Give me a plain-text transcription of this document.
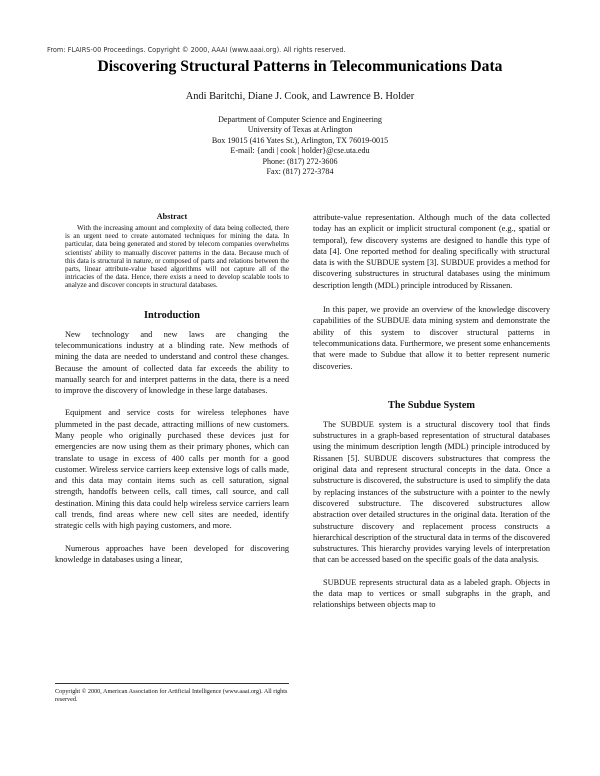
From: FLAIRS-00 Proceedings. Copyright © 2000, AAAI (www.aaai.org). All rights reserved.
Discovering Structural Patterns in Telecommunications Data
Andi Baritchi, Diane J. Cook, and Lawrence B. Holder
Department of Computer Science and Engineering
University of Texas at Arlington
Box 19015 (416 Yates St.), Arlington, TX 76019-0015
E-mail: {andi | cook | holder}@cse.uta.edu
Phone: (817) 272-3606
Fax: (817) 272-3784
Abstract

With the increasing amount and complexity of data being collected, there is an urgent need to create automated techniques for mining the data. In particular, data being generated and stored by telecom companies overwhelms scientists' ability to manually discover patterns in the data. Because much of this data is structural in nature, or composed of parts and relations between the parts, linear attribute-value based algorithms will not capture all of the intricacies of the data. Hence, there exists a need to develop scalable tools to analyze and discover concepts in structural databases.

Introduction

New technology and new laws are changing the telecommunications industry at a blinding rate. New methods of mining the data are needed to understand and control these changes. Because the amount of collected data far exceeds the ability to manually search for and interpret patterns in the data, there is a need to improve the discovery of knowledge in these large databases.

Equipment and service costs for wireless telephones have plummeted in the past decade, attracting millions of new customers. Many people who originally purchased these devices just for emergencies are now using them as their primary phones, which can translate to usage in excess of 400 calls per month for a good customer. Wireless service carriers keep extensive logs of calls made, and this data may contain items such as cell saturation, signal strength, handoffs between cells, call times, call source, and call destination. Mining this data could help wireless service carriers learn call trends, find areas where new cell sites are needed, identify strategic cells with high paying customers, and more.

Numerous approaches have been developed for discovering knowledge in databases using a linear,

attribute-value representation. Although much of the data collected today has an explicit or implicit structural component (e.g., spatial or temporal), few discovery systems are designed to handle this type of data [4]. One reported method for dealing specifically with structural data is with the SUBDUE system [3]. SUBDUE provides a method for discovering substructures in structural databases using the minimum description length (MDL) principle introduced by Rissanen.

In this paper, we provide an overview of the knowledge discovery capabilities of the SUBDUE data mining system and demonstrate the ability of this system to discover structural patterns in telecommunications data. Furthermore, we present some enhancements that were made to Subdue that allow it to better represent numeric discoveries.

The Subdue System

The SUBDUE system is a structural discovery tool that finds substructures in a graph-based representation of structural databases using the minimum description length (MDL) principle introduced by Rissanen [5]. SUBDUE discovers substructures that compress the original data and represent structural concepts in the data. Once a substructure is discovered, the substructure is used to simplify the data by replacing instances of the substructure with a pointer to the newly discovered substructure. The discovered substructures allow abstraction over detailed structures in the original data. Iteration of the substructure discovery and replacement process constructs a hierarchical description of the structural data in terms of the discovered substructures. This hierarchy provides varying levels of interpretation that can be accessed based on the specific goals of the data analysis.

SUBDUE represents structural data as a labeled graph. Objects in the data map to vertices or small subgraphs in the graph, and relationships between objects map to

Copyright © 2000, American Association for Artificial Intelligence (www.aaai.org). All rights reserved.
